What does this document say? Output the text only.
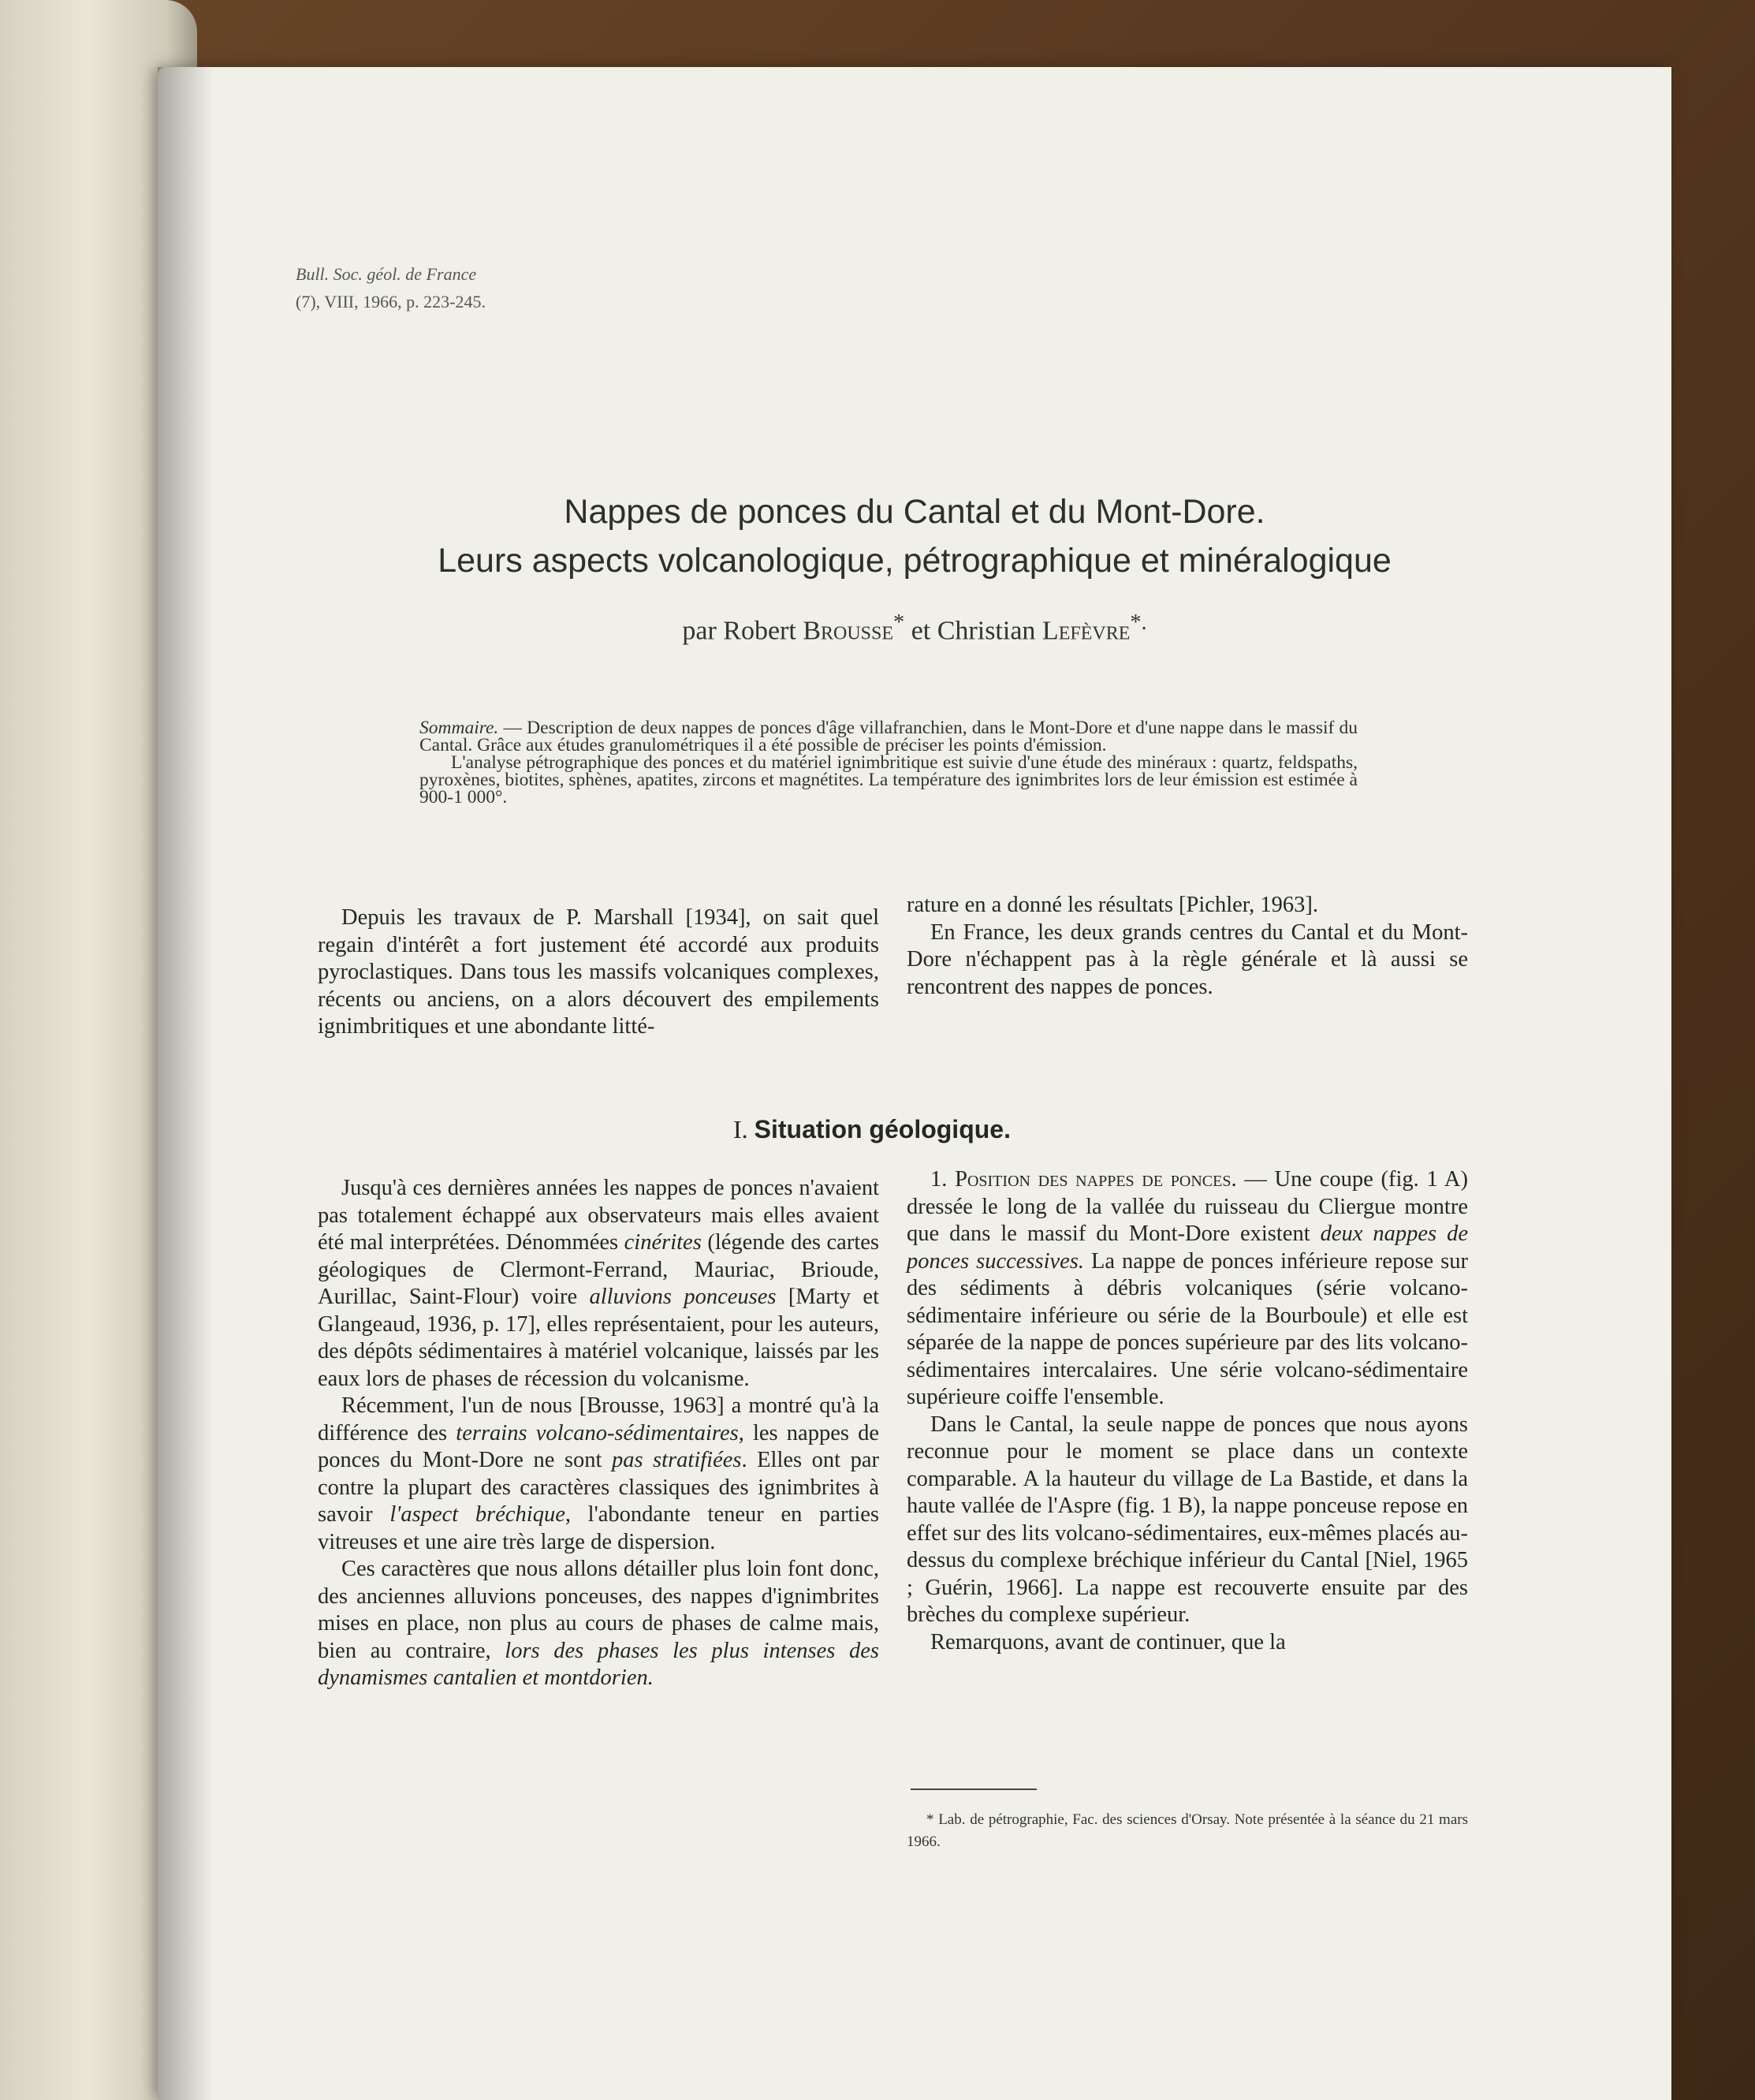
Bull. Soc. géol. de France
(7), VIII, 1966, p. 223-245.
Nappes de ponces du Cantal et du Mont-Dore.
Leurs aspects volcanologique, pétrographique et minéralogique
par Robert Brousse* et Christian Lefèvre*.

Sommaire. — Description de deux nappes de ponces d'âge villafranchien, dans le Mont-Dore et d'une nappe dans le massif du Cantal. Grâce aux études granulométriques il a été possible de préciser les points d'émission.

L'analyse pétrographique des ponces et du matériel ignimbritique est suivie d'une étude des minéraux : quartz, feldspaths, pyroxènes, biotites, sphènes, apatites, zircons et magnétites. La température des ignimbrites lors de leur émission est estimée à 900-1 000°.

Depuis les travaux de P. Marshall [1934], on sait quel regain d'intérêt a fort justement été accordé aux produits pyroclastiques. Dans tous les massifs volcaniques complexes, récents ou anciens, on a alors découvert des empilements ignimbritiques et une abondante litté-

rature en a donné les résultats [Pichler, 1963].

En France, les deux grands centres du Cantal et du Mont-Dore n'échappent pas à la règle générale et là aussi se rencontrent des nappes de ponces.

I. Situation géologique.

Jusqu'à ces dernières années les nappes de ponces n'avaient pas totalement échappé aux observateurs mais elles avaient été mal interprétées. Dénommées cinérites (légende des cartes géologiques de Clermont-Ferrand, Mauriac, Brioude, Aurillac, Saint-Flour) voire alluvions ponceuses [Marty et Glangeaud, 1936, p. 17], elles représentaient, pour les auteurs, des dépôts sédimentaires à matériel volcanique, laissés par les eaux lors de phases de récession du volcanisme.

Récemment, l'un de nous [Brousse, 1963] a montré qu'à la différence des terrains volcano-sédimentaires, les nappes de ponces du Mont-Dore ne sont pas stratifiées. Elles ont par contre la plupart des caractères classiques des ignimbrites à savoir l'aspect bréchique, l'abondante teneur en parties vitreuses et une aire très large de dispersion.

Ces caractères que nous allons détailler plus loin font donc, des anciennes alluvions ponceuses, des nappes d'ignimbrites mises en place, non plus au cours de phases de calme mais, bien au contraire, lors des phases les plus intenses des dynamismes cantalien et montdorien.

1. Position des nappes de ponces. — Une coupe (fig. 1 A) dressée le long de la vallée du ruisseau du Cliergue montre que dans le massif du Mont-Dore existent deux nappes de ponces successives. La nappe de ponces inférieure repose sur des sédiments à débris volcaniques (série volcano-sédimentaire inférieure ou série de la Bourboule) et elle est séparée de la nappe de ponces supérieure par des lits volcano-sédimentaires intercalaires. Une série volcano-sédimentaire supérieure coiffe l'ensemble.

Dans le Cantal, la seule nappe de ponces que nous ayons reconnue pour le moment se place dans un contexte comparable. A la hauteur du village de La Bastide, et dans la haute vallée de l'Aspre (fig. 1 B), la nappe ponceuse repose en effet sur des lits volcano-sédimentaires, eux-mêmes placés au-dessus du complexe bréchique inférieur du Cantal [Niel, 1965 ; Guérin, 1966]. La nappe est recouverte ensuite par des brèches du complexe supérieur.

Remarquons, avant de continuer, que la

* Lab. de pétrographie, Fac. des sciences d'Orsay. Note présentée à la séance du 21 mars 1966.
